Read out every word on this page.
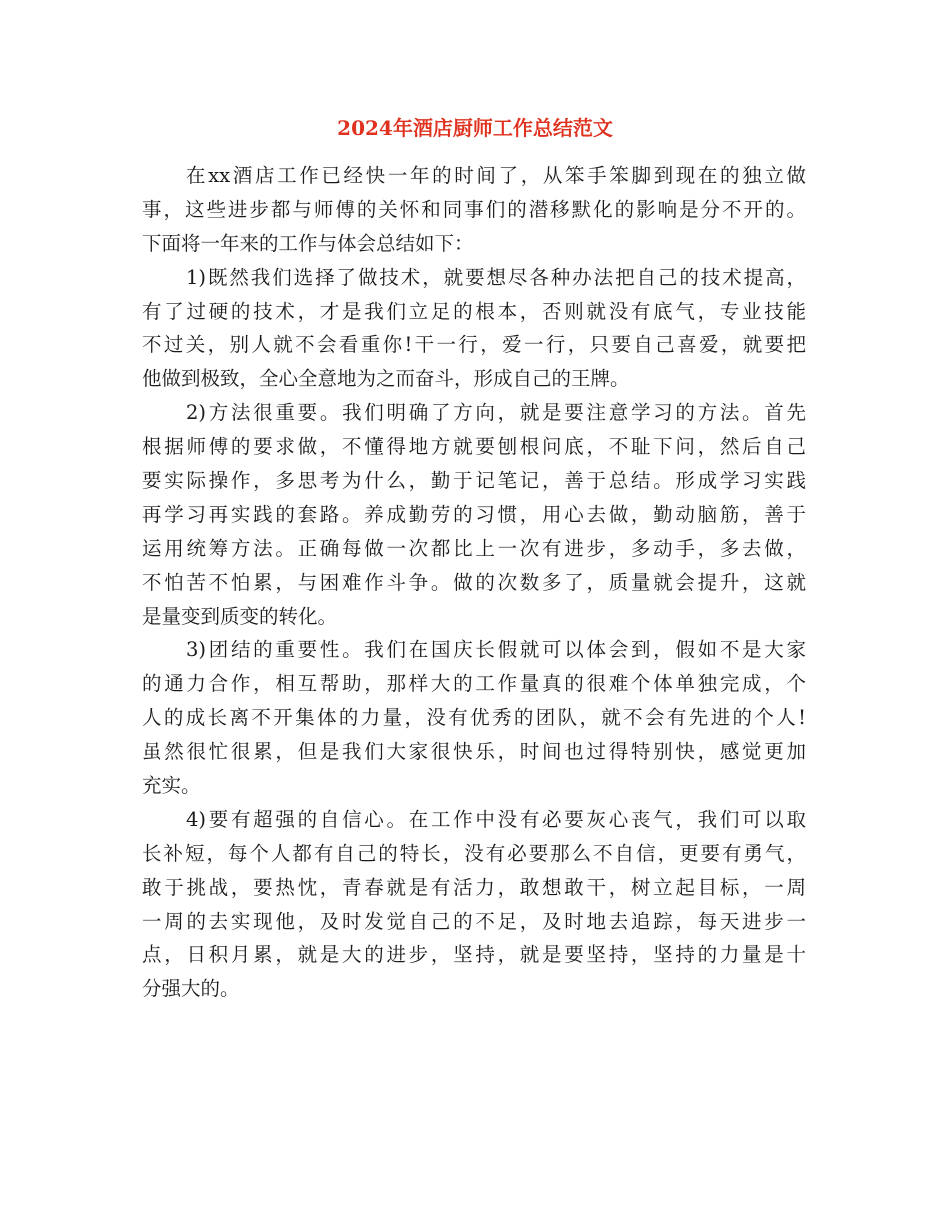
2024年酒店厨师工作总结范文

在xx酒店工作已经快一年的时间了，从笨手笨脚到现在的独立做
事，这些进步都与师傅的关怀和同事们的潜移默化的影响是分不开的。
下面将一年来的工作与体会总结如下：

1)既然我们选择了做技术，就要想尽各种办法把自己的技术提高，
有了过硬的技术，才是我们立足的根本，否则就没有底气，专业技能
不过关，别人就不会看重你!干一行，爱一行，只要自己喜爱，就要把
他做到极致，全心全意地为之而奋斗，形成自己的王牌。

2)方法很重要。我们明确了方向，就是要注意学习的方法。首先
根据师傅的要求做，不懂得地方就要刨根问底，不耻下问，然后自己
要实际操作，多思考为什么，勤于记笔记，善于总结。形成学习实践
再学习再实践的套路。养成勤劳的习惯，用心去做，勤动脑筋，善于
运用统筹方法。正确每做一次都比上一次有进步，多动手，多去做，
不怕苦不怕累，与困难作斗争。做的次数多了，质量就会提升，这就
是量变到质变的转化。

3)团结的重要性。我们在国庆长假就可以体会到，假如不是大家
的通力合作，相互帮助，那样大的工作量真的很难个体单独完成，个
人的成长离不开集体的力量，没有优秀的团队，就不会有先进的个人!
虽然很忙很累，但是我们大家很快乐，时间也过得特别快，感觉更加
充实。

4)要有超强的自信心。在工作中没有必要灰心丧气，我们可以取
长补短，每个人都有自己的特长，没有必要那么不自信，更要有勇气，
敢于挑战，要热忱，青春就是有活力，敢想敢干，树立起目标，一周
一周的去实现他，及时发觉自己的不足，及时地去追踪，每天进步一
点，日积月累，就是大的进步，坚持，就是要坚持，坚持的力量是十
分强大的。
